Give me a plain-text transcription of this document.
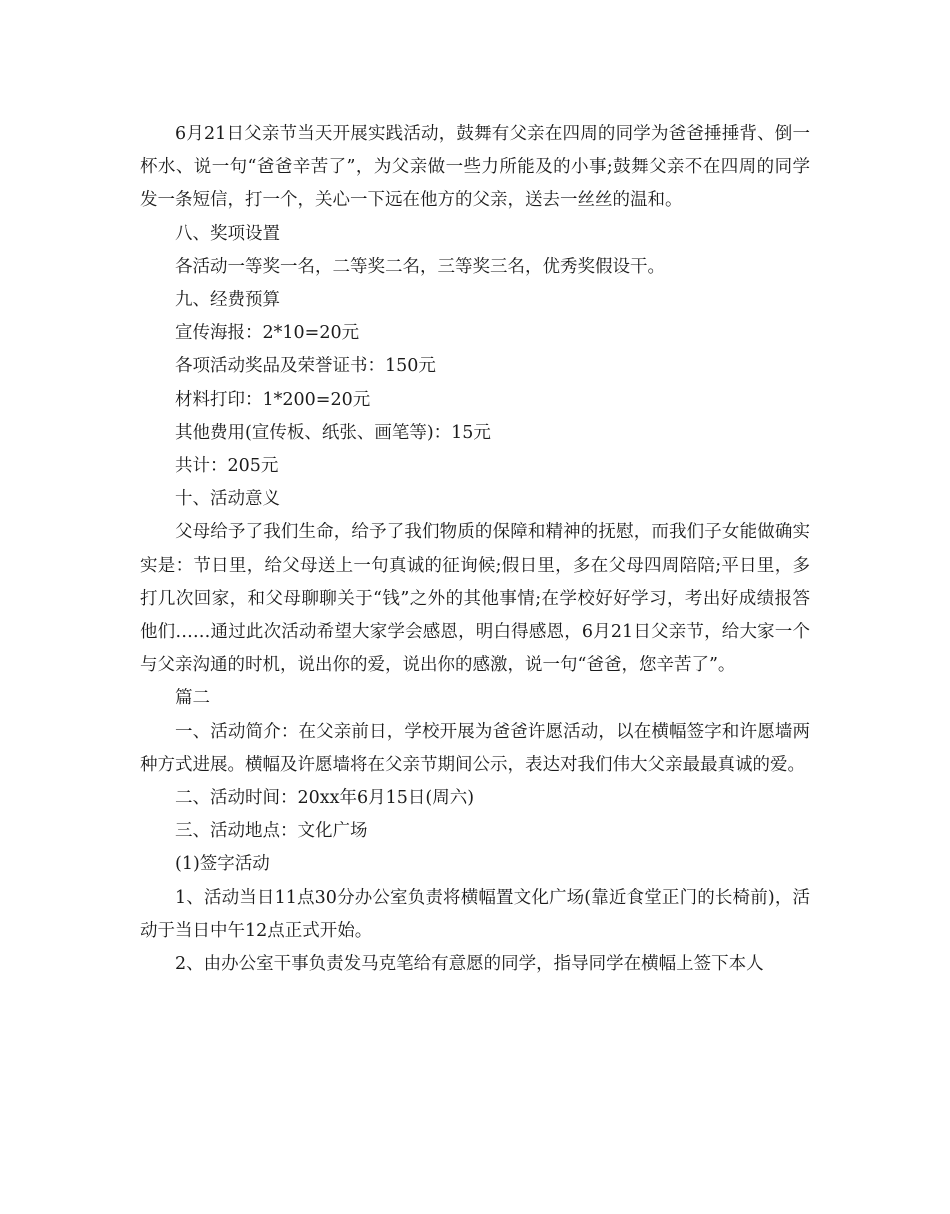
6月21日父亲节当天开展实践活动，鼓舞有父亲在四周的同学为爸爸捶捶背、倒一杯水、说一句“爸爸辛苦了”，为父亲做一些力所能及的小事;鼓舞父亲不在四周的同学发一条短信，打一个，关心一下远在他方的父亲，送去一丝丝的温和。

八、奖项设置

各活动一等奖一名，二等奖二名，三等奖三名，优秀奖假设干。

九、经费预算

宣传海报：2*10=20元

各项活动奖品及荣誉证书：150元

材料打印：1*200=20元

其他费用(宣传板、纸张、画笔等)：15元

共计：205元

十、活动意义

父母给予了我们生命，给予了我们物质的保障和精神的抚慰，而我们子女能做确实实是：节日里，给父母送上一句真诚的征询候;假日里，多在父母四周陪陪;平日里，多打几次回家，和父母聊聊关于“钱”之外的其他事情;在学校好好学习，考出好成绩报答他们……通过此次活动希望大家学会感恩，明白得感恩，6月21日父亲节，给大家一个与父亲沟通的时机，说出你的爱，说出你的感激，说一句“爸爸，您辛苦了”。

篇二

一、活动简介：在父亲前日，学校开展为爸爸许愿活动，以在横幅签字和许愿墙两种方式进展。横幅及许愿墙将在父亲节期间公示，表达对我们伟大父亲最最真诚的爱。

二、活动时间：20xx年6月15日(周六)

三、活动地点：文化广场

(1)签字活动

1、活动当日11点30分办公室负责将横幅置文化广场(靠近食堂正门的长椅前)，活动于当日中午12点正式开始。

2、由办公室干事负责发马克笔给有意愿的同学，指导同学在横幅上签下本人
